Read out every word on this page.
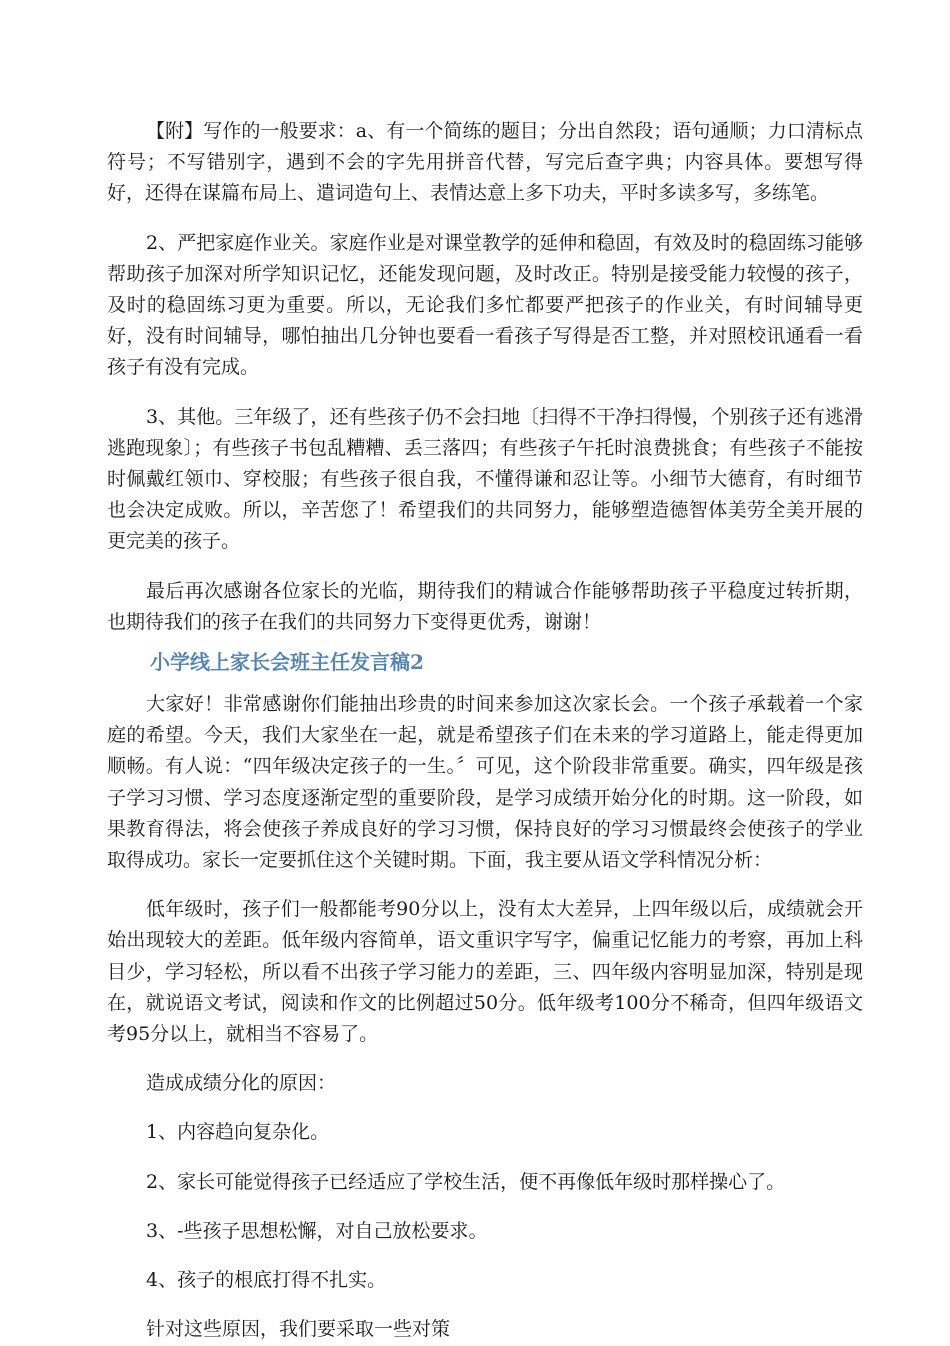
【附】写作的一般要求：a、有一个简练的题目；分出自然段；语句通顺；力口清标点符号；不写错别字，遇到不会的字先用拼音代替，写完后查字典；内容具体。要想写得好，还得在谋篇布局上、遣词造句上、表情达意上多下功夫，平时多读多写，多练笔。

2、严把家庭作业关。家庭作业是对课堂教学的延伸和稳固，有效及时的稳固练习能够帮助孩子加深对所学知识记忆，还能发现问题，及时改正。特别是接受能力较慢的孩子，及时的稳固练习更为重要。所以，无论我们多忙都要严把孩子的作业关，有时间辅导更好，没有时间辅导，哪怕抽出几分钟也要看一看孩子写得是否工整，并对照校讯通看一看孩子有没有完成。

3、其他。三年级了，还有些孩子仍不会扫地〔扫得不干净扫得慢，个别孩子还有逃滑逃跑现象〕；有些孩子书包乱糟糟、丢三落四；有些孩子午托时浪费挑食；有些孩子不能按时佩戴红领巾、穿校服；有些孩子很自我，不懂得谦和忍让等。小细节大德育，有时细节也会决定成败。所以，辛苦您了！希望我们的共同努力，能够塑造德智体美劳全美开展的更完美的孩子。

最后再次感谢各位家长的光临，期待我们的精诚合作能够帮助孩子平稳度过转折期，也期待我们的孩子在我们的共同努力下变得更优秀，谢谢！

小学线上家长会班主任发言稿2

大家好！非常感谢你们能抽出珍贵的时间来参加这次家长会。一个孩子承载着一个家庭的希望。今天，我们大家坐在一起，就是希望孩子们在未来的学习道路上，能走得更加顺畅。有人说：“四年级决定孩子的一生。〞可见，这个阶段非常重要。确实，四年级是孩子学习习惯、学习态度逐渐定型的重要阶段，是学习成绩开始分化的时期。这一阶段，如果教育得法，将会使孩子养成良好的学习习惯，保持良好的学习习惯最终会使孩子的学业取得成功。家长一定要抓住这个关键时期。下面，我主要从语文学科情况分析：

低年级时，孩子们一般都能考90分以上，没有太大差异，上四年级以后，成绩就会开始出现较大的差距。低年级内容简单，语文重识字写字，偏重记忆能力的考察，再加上科目少，学习轻松，所以看不出孩子学习能力的差距，三、四年级内容明显加深，特别是现在，就说语文考试，阅读和作文的比例超过50分。低年级考100分不稀奇，但四年级语文考95分以上，就相当不容易了。

造成成绩分化的原因：

1、内容趋向复杂化。

2、家长可能觉得孩子已经适应了学校生活，便不再像低年级时那样操心了。

3、-些孩子思想松懈，对自己放松要求。

4、孩子的根底打得不扎实。

针对这些原因，我们要采取一些对策
